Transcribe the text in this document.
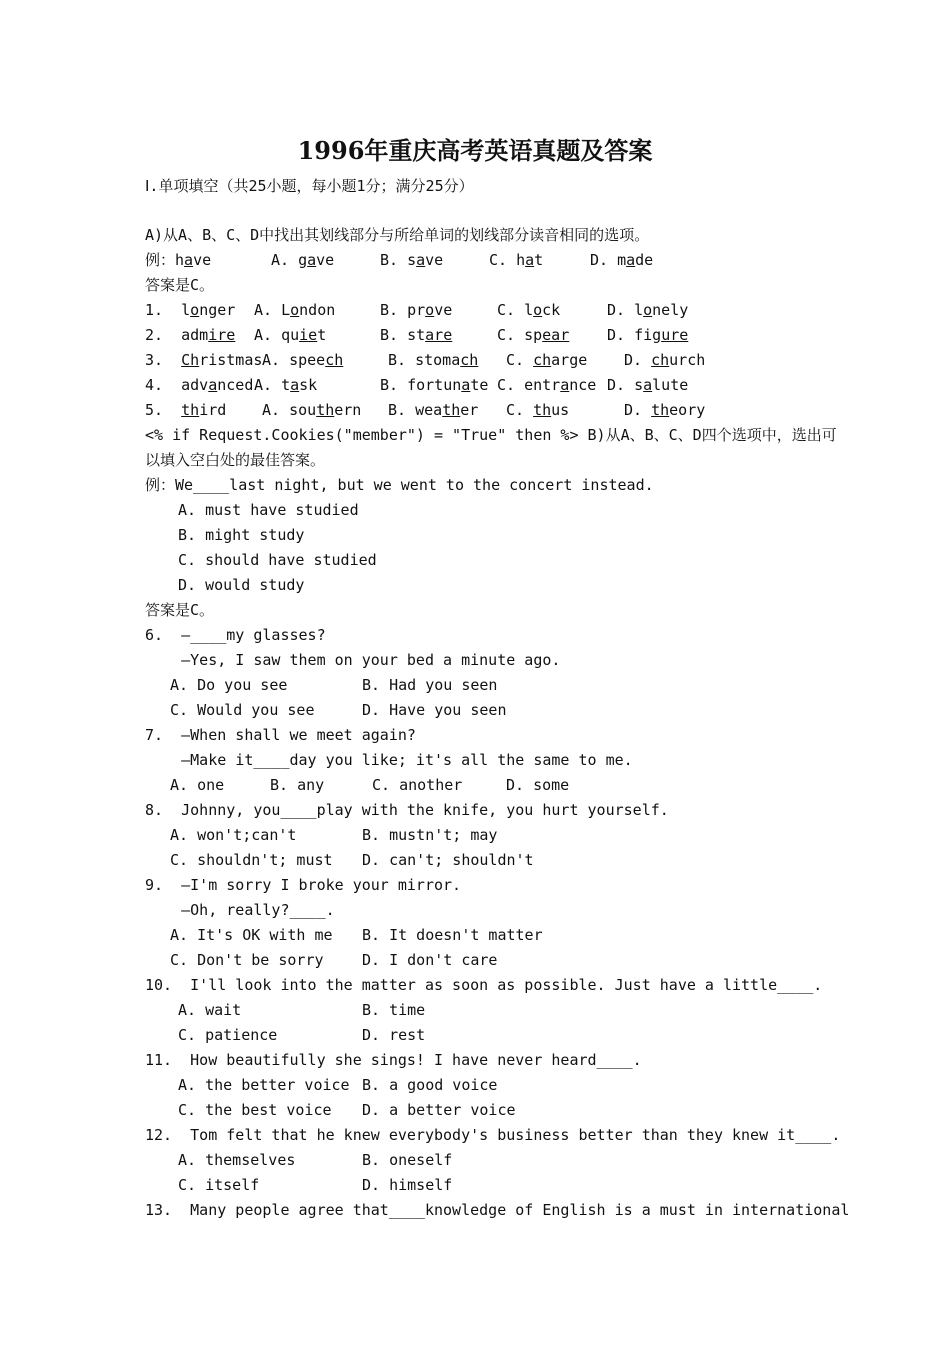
1996年重庆高考英语真题及答案
Ⅰ.单项填空（共25小题，每小题1分；满分25分）
A)从A、B、C、D中找出其划线部分与所给单词的划线部分读音相同的选项。
例：have	A. gave	B. save	C. hat	D. made
答案是C。
1.  longer A. London	B. prove	C. lock	D. lonely
2.  admire A. quiet	B. stare	C. spear	D. figure
3.  Christmas A. speech	B. stomach C. charge D. church
4.  advanced A. task	B. fortunate C. entrance D. salute
5.  third A. southern B. weather C. thus	D. theory
<% if Request.Cookies("member") = "True" then %> B)从A、B、C、D四个选项中，选出可
以填入空白处的最佳答案。
例：We____last night, but we went to the concert instead.
A. must have studied
B. might study
C. should have studied
D. would study
答案是C。
6.  —____my glasses?
—Yes, I saw them on your bed a minute ago.
A. Do you see	B. Had you seen
C. Would you see	D. Have you seen
7.  —When shall we meet again?
—Make it____day you like; it's all the same to me.
A. one	B. any	C. another	D. some
8.  Johnny, you____play with the knife, you hurt yourself.
A. won't;can't	B. mustn't; may
C. shouldn't; must D. can't; shouldn't
9.  —I'm sorry I broke your mirror.
—Oh, really?____.
A. It's OK with me B. It doesn't matter
C. Don't be sorry	D. I don't care
10.  I'll look into the matter as soon as possible. Just have a little____.
A. wait	B. time
C. patience	D. rest
11.  How beautifully she sings! I have never heard____.
A. the better voice B. a good voice
C. the best voice D. a better voice
12.  Tom felt that he knew everybody's business better than they knew it____.
A. themselves	B. oneself
C. itself	D. himself
13.  Many people agree that____knowledge of English is a must in international
